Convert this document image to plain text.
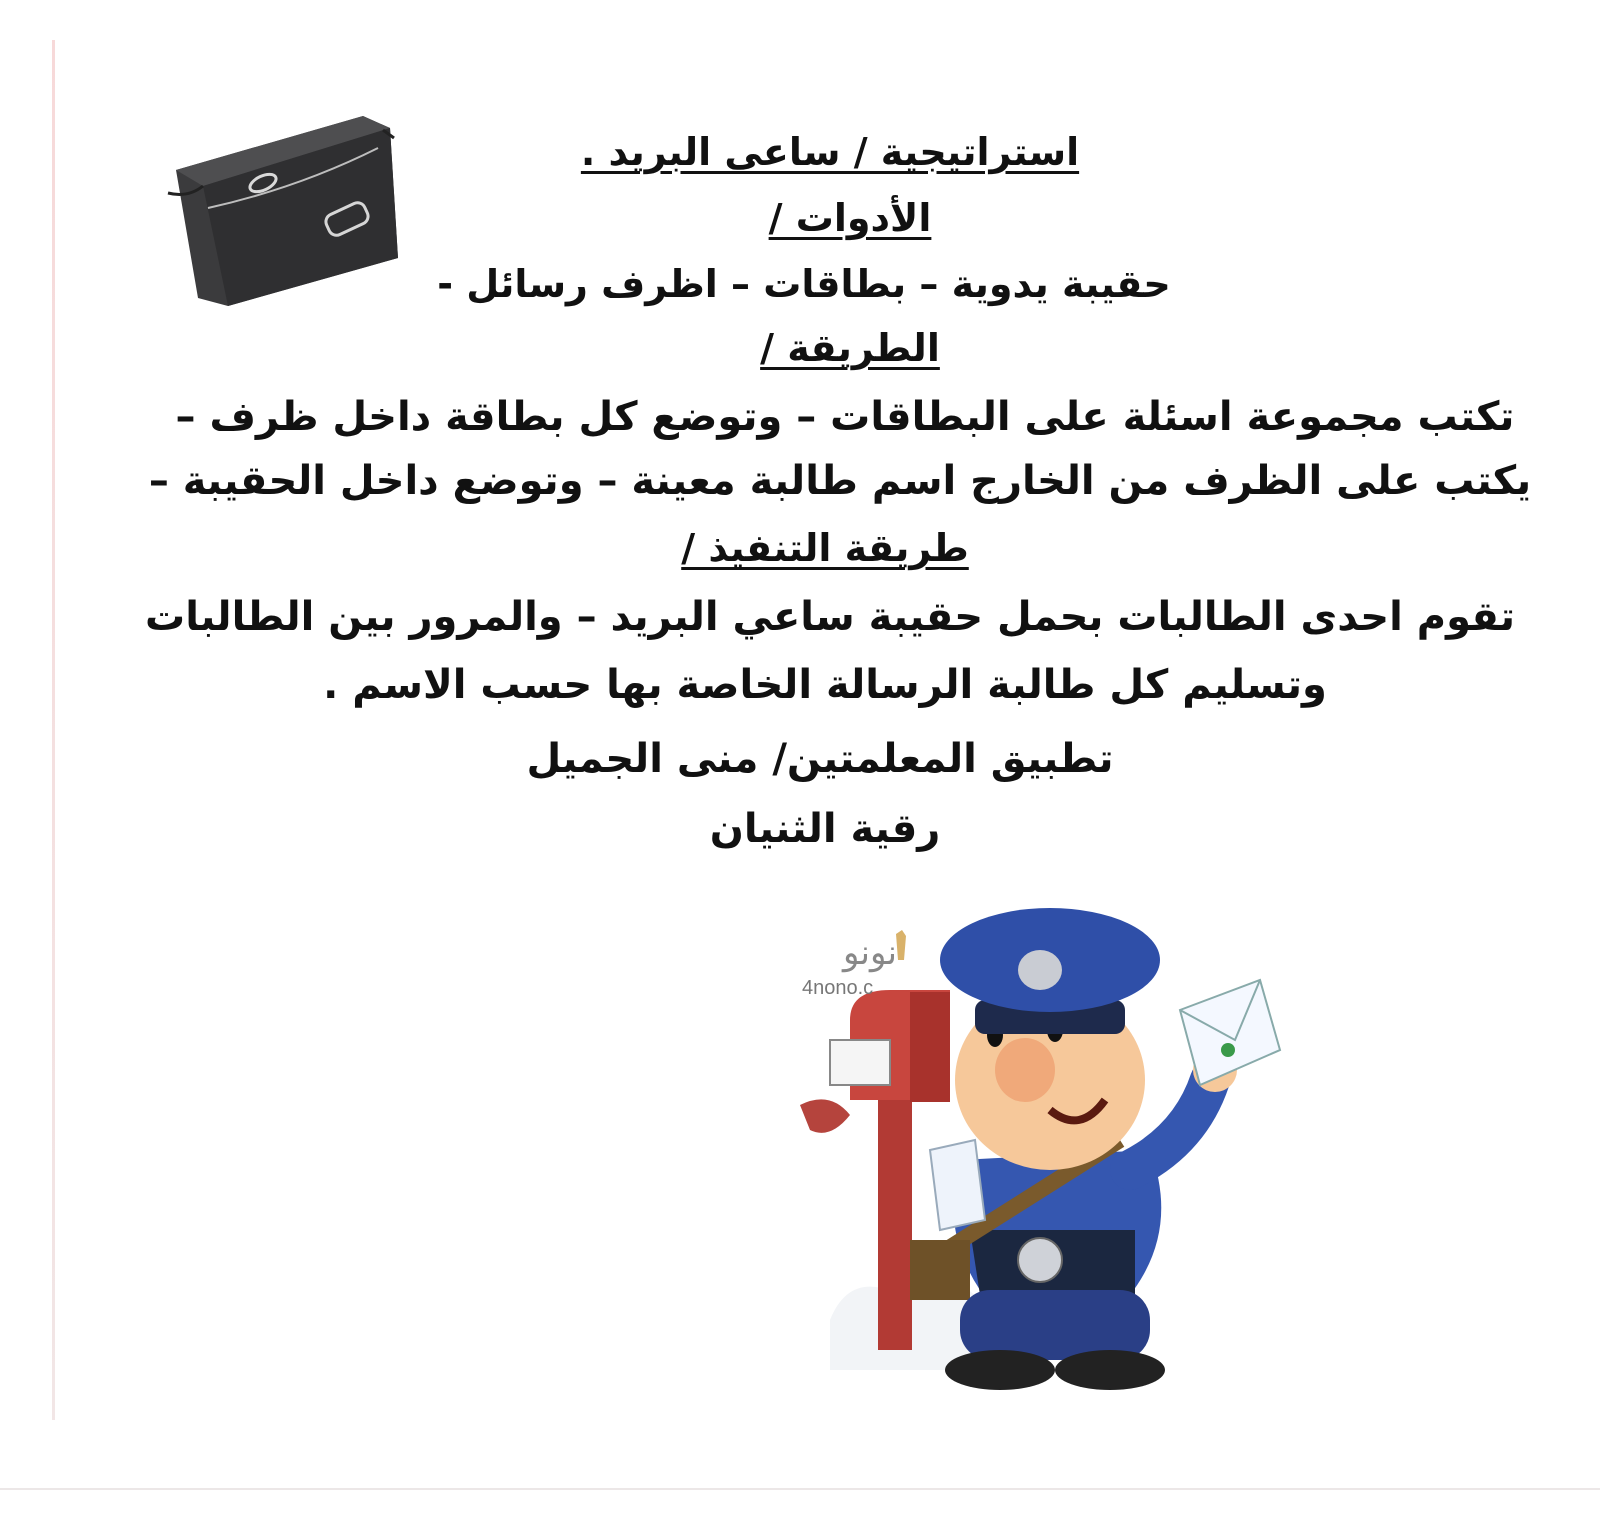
استراتيجية / ساعى البريد .
الأدوات /
حقيبة يدوية – بطاقات – اظرف رسائل -
الطريقة /
تكتب مجموعة اسئلة على البطاقات – وتوضع كل بطاقة داخل ظرف –
يكتب على الظرف من الخارج اسم طالبة معينة – وتوضع داخل الحقيبة –
طريقة التنفيذ /
تقوم احدى الطالبات بحمل حقيبة ساعي البريد – والمرور بين الطالبات
وتسليم كل طالبة الرسالة الخاصة بها حسب الاسم .
تطبيق المعلمتين/ منى الجميل
رقية الثنيان
نونو
4nono.c
